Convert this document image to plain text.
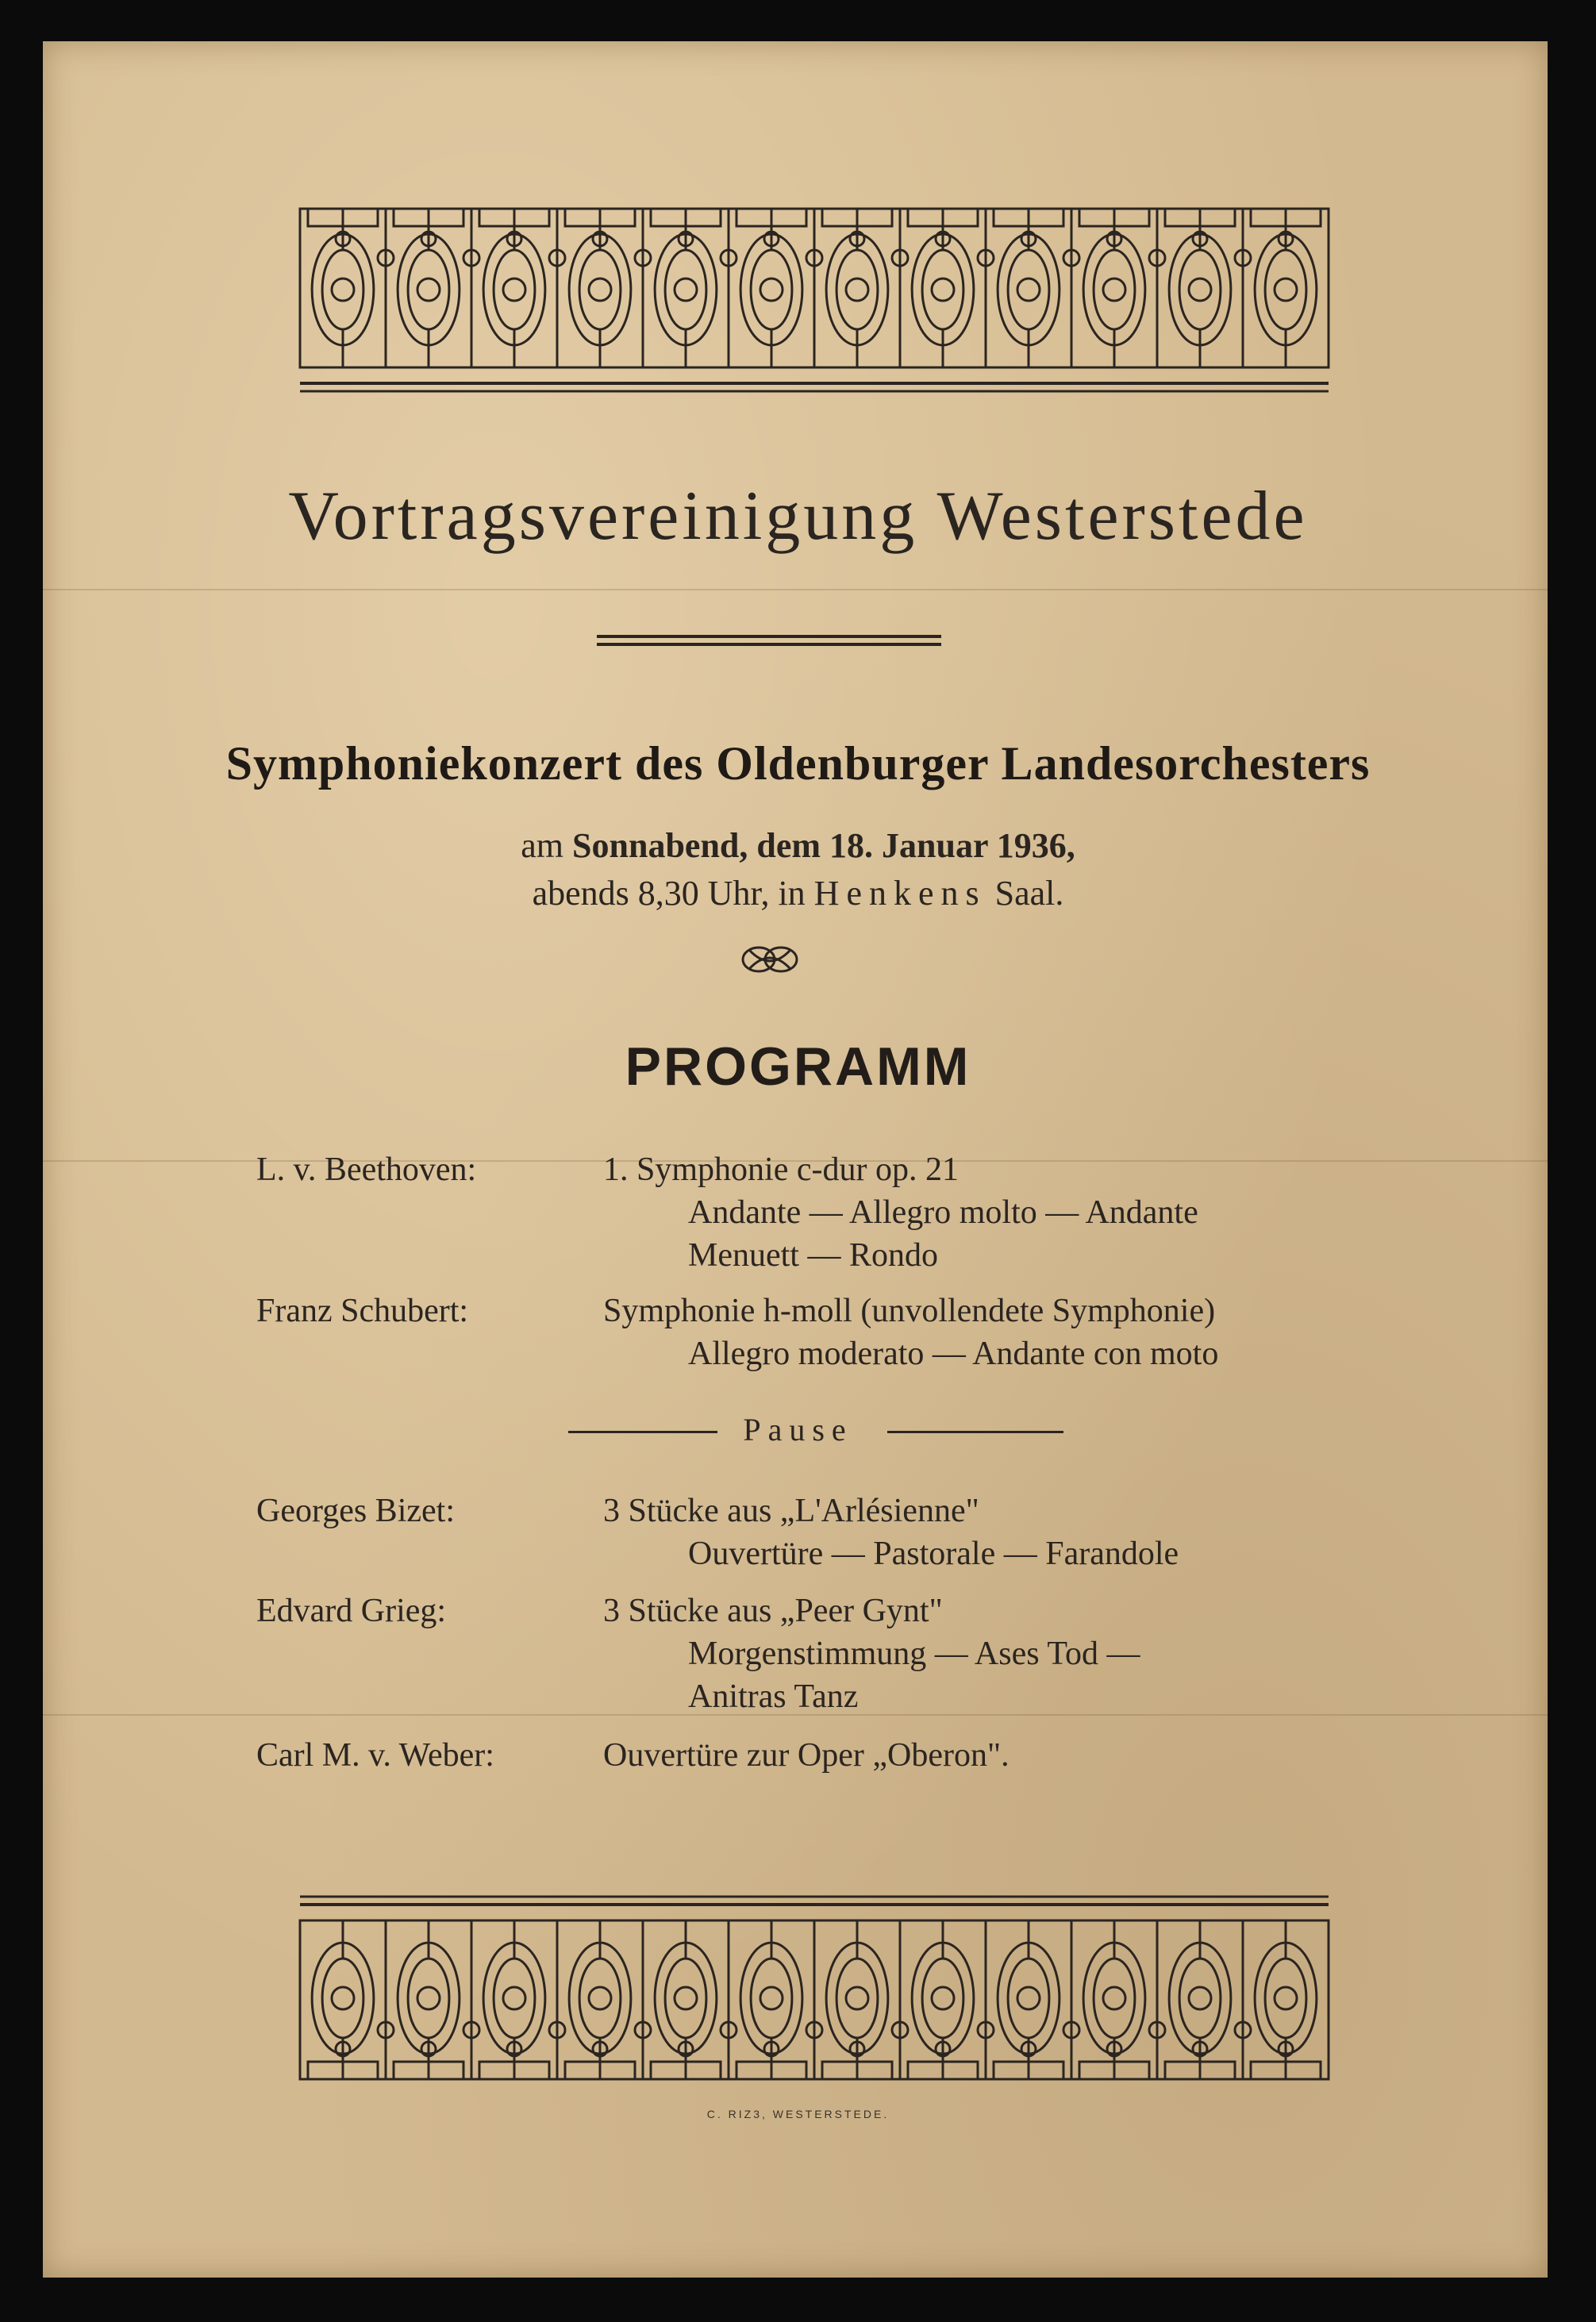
Vortragsvereinigung Westerstede
Symphoniekonzert des Oldenburger Landesorchesters
am Sonnabend, dem 18. Januar 1936,
abends 8,30 Uhr, in Henkens Saal.
PROGRAMM
L. v. Beethoven:	1. Symphonie c-dur op. 21
Andante — Allegro molto — Andante
Menuett — Rondo
Franz Schubert:	Symphonie h-moll (unvollendete Symphonie)
Allegro moderato — Andante con moto
Georges Bizet:	3 Stücke aus „L'Arlésienne"
Ouvertüre — Pastorale — Farandole
Edvard Grieg:	3 Stücke aus „Peer Gynt"
Morgenstimmung — Ases Tod —
Anitras Tanz
Carl M. v. Weber:	Ouvertüre zur Oper „Oberon".
Pause
C. RIZ3, WESTERSTEDE.
